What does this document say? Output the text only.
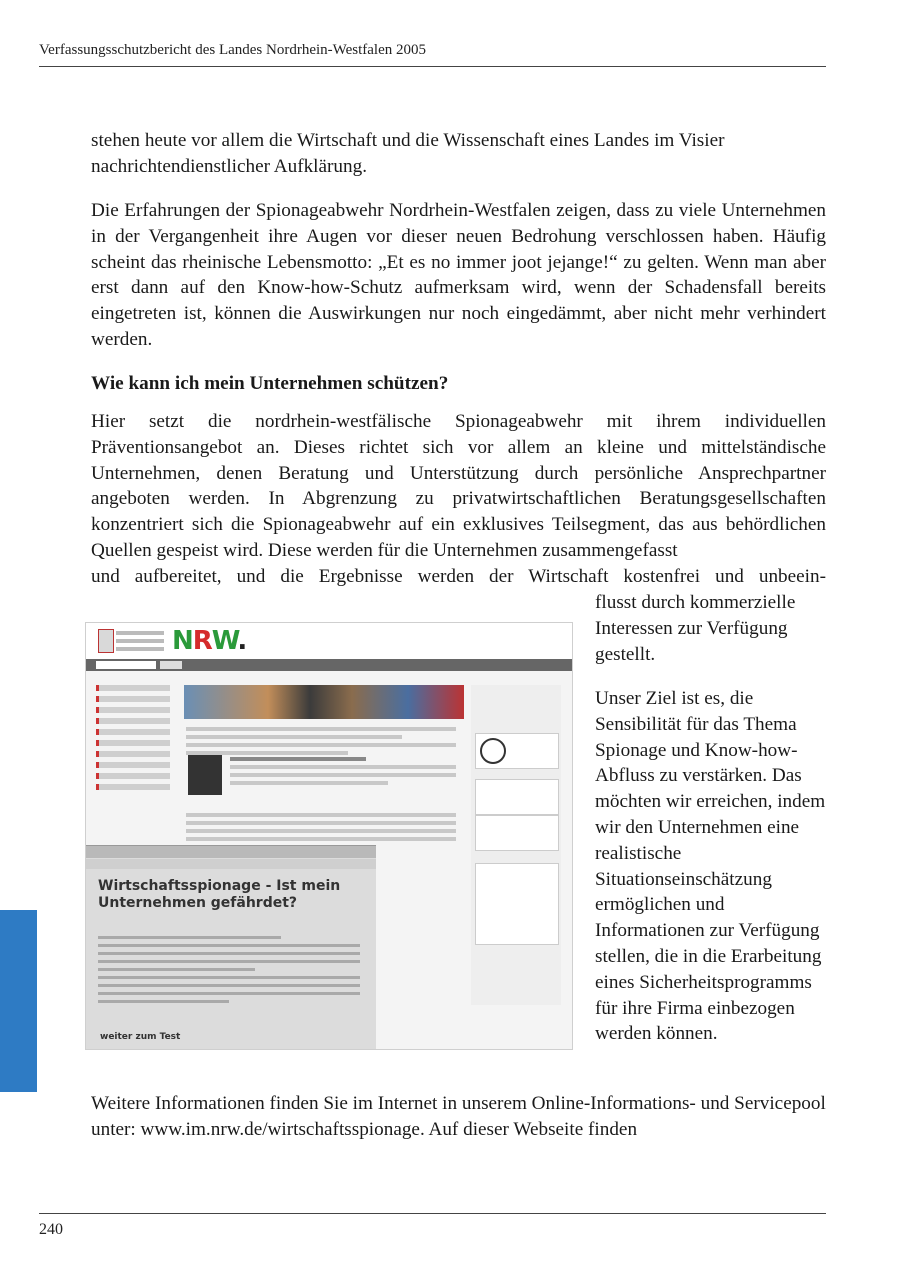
Verfassungsschutzbericht des Landes Nordrhein-Westfalen 2005

stehen heute vor allem die Wirtschaft und die Wissenschaft eines Landes im Visier nachrichtendienstlicher Aufklärung.

Die Erfahrungen der Spionageabwehr Nordrhein-Westfalen zeigen, dass zu viele Unternehmen in der Vergangenheit ihre Augen vor dieser neuen Bedrohung verschlossen haben. Häufig scheint das rheinische Lebensmotto: „Et es no immer joot jejange!“ zu gelten. Wenn man aber erst dann auf den Know-how-Schutz aufmerksam wird, wenn der Schadensfall bereits eingetreten ist, können die Auswirkungen nur noch eingedämmt, aber nicht mehr verhindert werden.

Wie kann ich mein Unternehmen schützen?

Hier setzt die nordrhein-westfälische Spionageabwehr mit ihrem individuellen Präventionsangebot an. Dieses richtet sich vor allem an kleine und mittelständische Unternehmen, denen Beratung und Unterstützung durch persönliche Ansprechpartner angeboten werden. In Abgrenzung zu privatwirtschaftlichen Beratungsgesellschaften konzentriert sich die Spionageabwehr auf ein exklusives Teilsegment, das aus behördlichen Quellen gespeist wird. Diese werden für die Unternehmen zusammengefasst

und aufbereitet, und die Ergebnisse werden der Wirtschaft kostenfrei und unbeein-

NRW.
Wirtschaftsspionage - Ist mein Unternehmen gefährdet?
weiter zum Test
flusst durch kommerzielle Interessen zur Verfügung gestellt.
Unser Ziel ist es, die Sensibilität für das Thema Spionage und Know-how-Abfluss zu verstärken. Das möchten wir erreichen, indem wir den Unternehmen eine realistische Situationseinschätzung ermöglichen und Informationen zur Verfügung stellen, die in die Erarbeitung eines Sicherheitsprogramms für ihre Firma einbezogen werden können.
Weitere Informationen finden Sie im Internet in unserem Online-Informations- und Servicepool unter: www.im.nrw.de/wirtschaftsspionage. Auf dieser Webseite finden
240
